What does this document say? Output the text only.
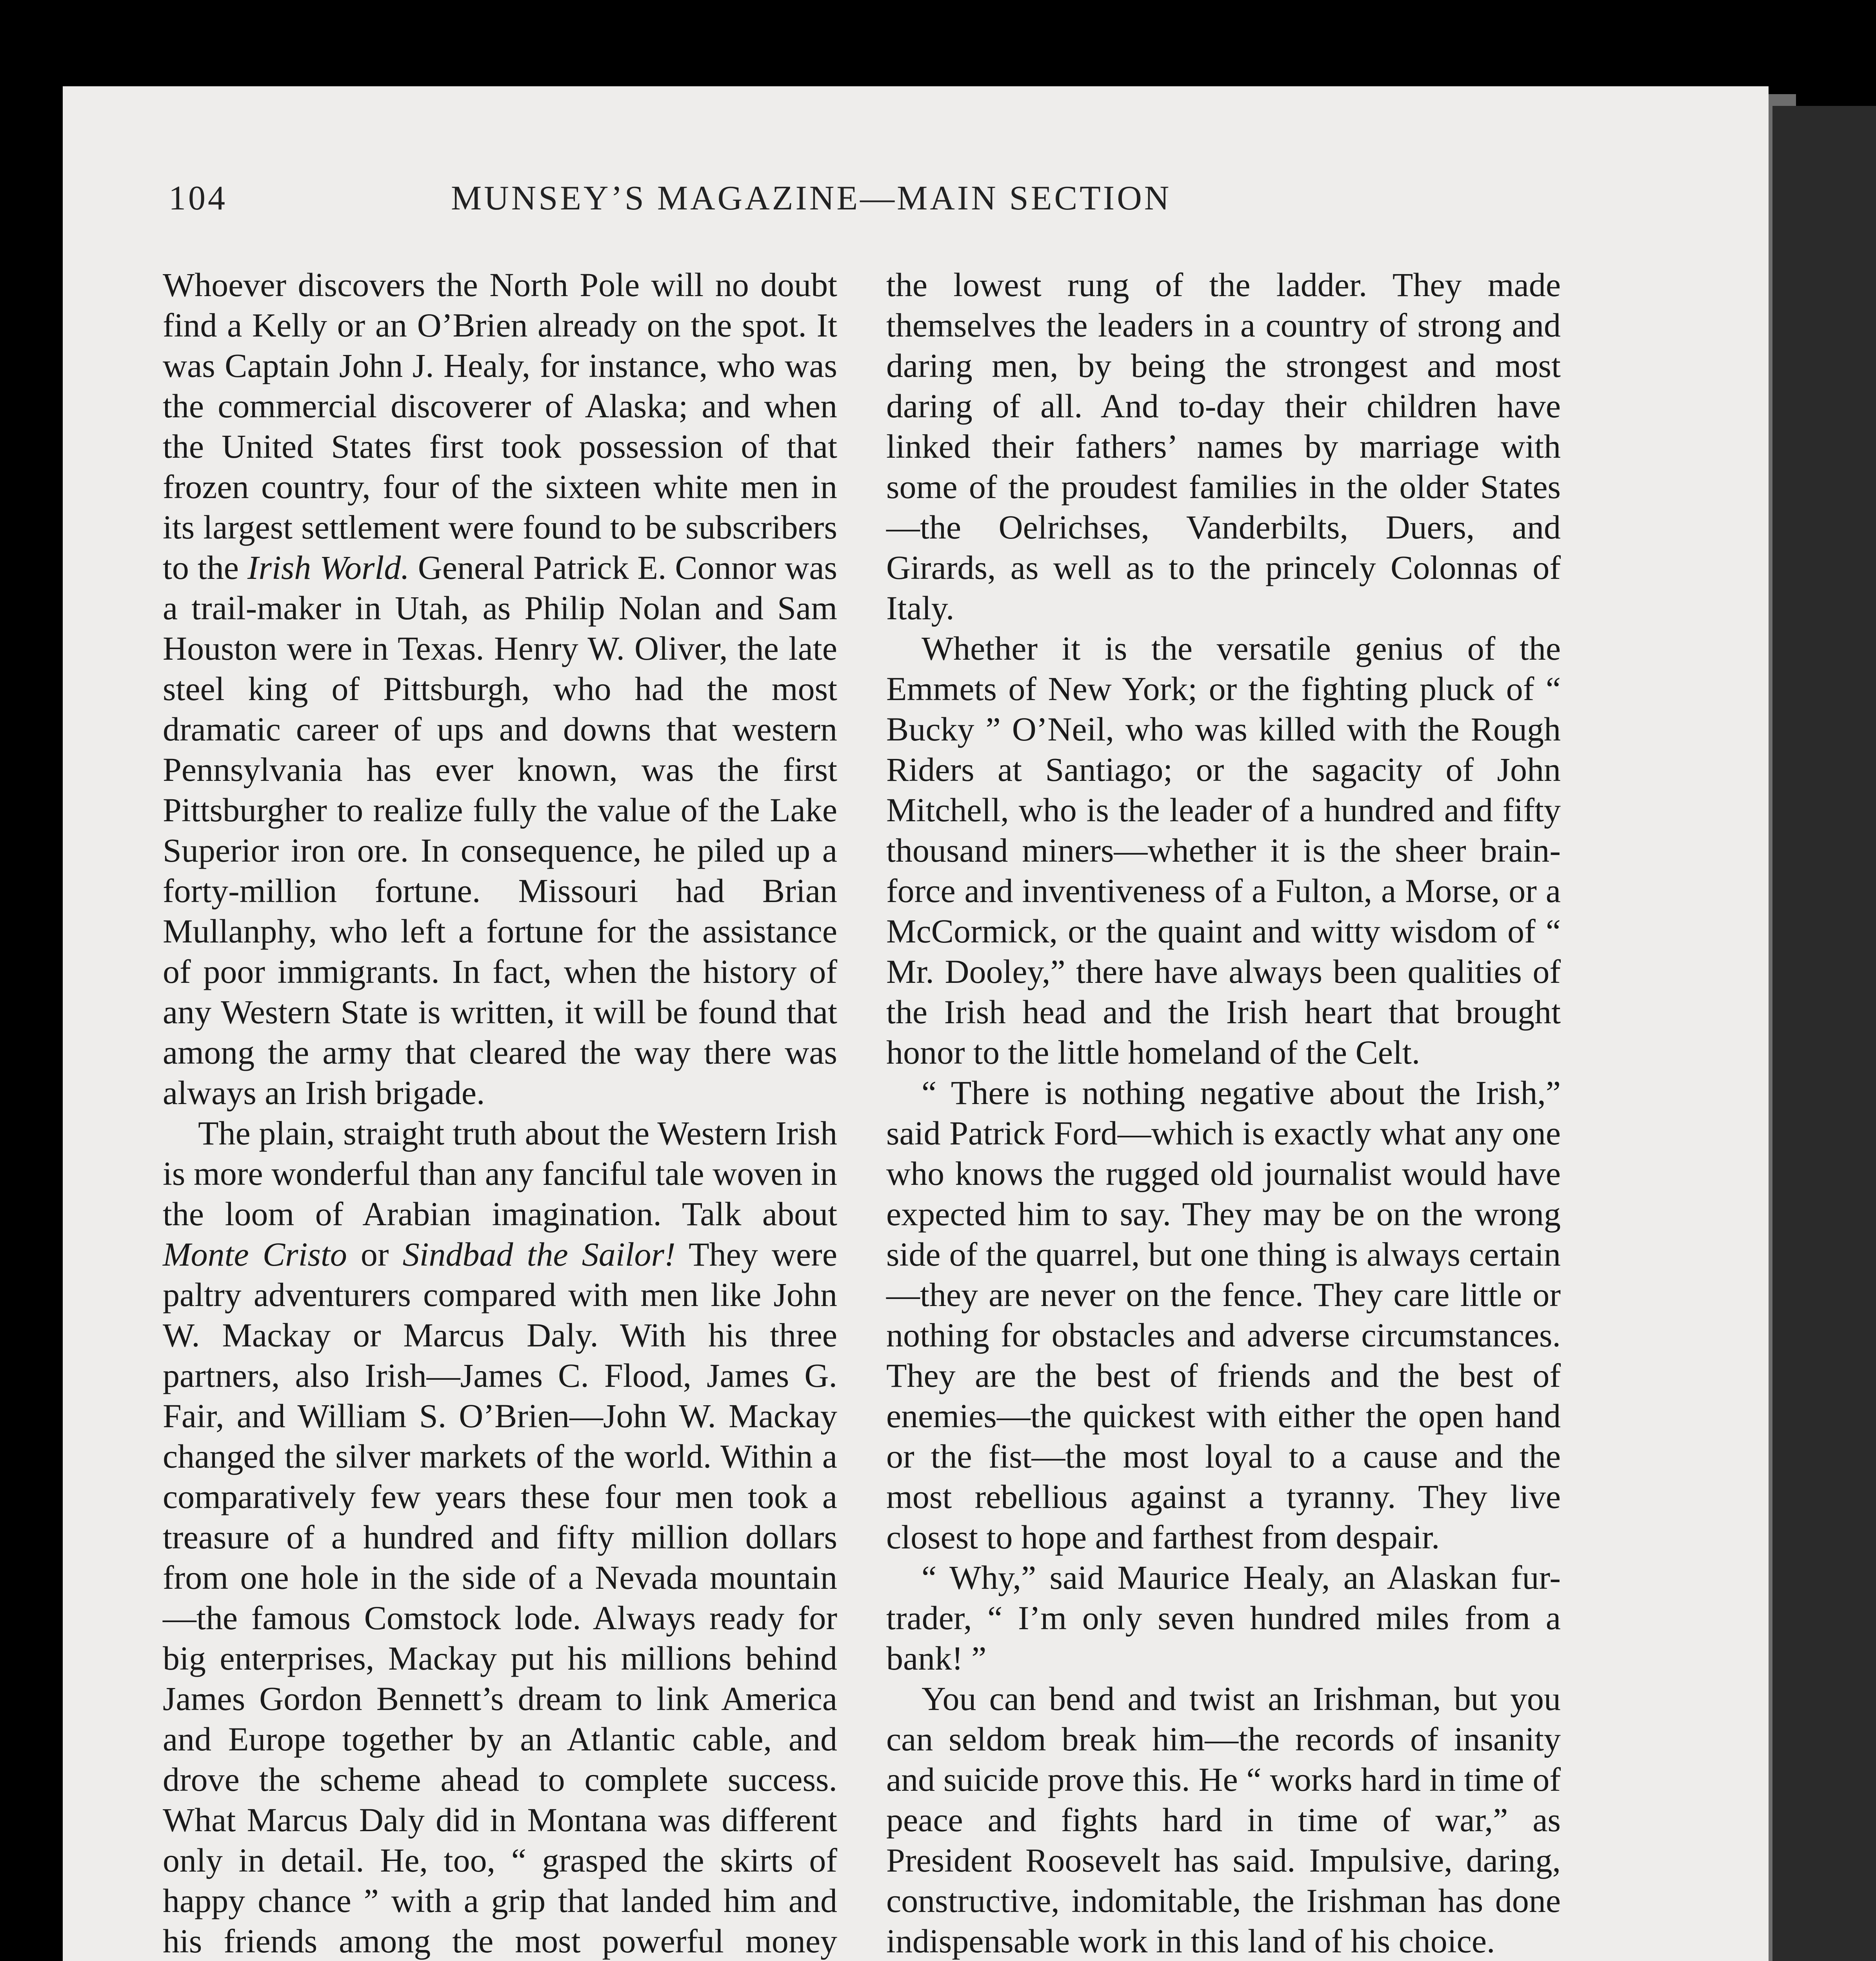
104	MUNSEY’S MAGAZINE—MAIN SECTION

Whoever discovers the North Pole will no doubt find a Kelly or an O’Brien already on the spot. It was Captain John J. Healy, for instance, who was the commercial discoverer of Alaska; and when the United States first took possession of that frozen country, four of the sixteen white men in its largest settlement were found to be subscribers to the Irish World. General Patrick E. Connor was a trail-maker in Utah, as Philip Nolan and Sam Houston were in Texas. Henry W. Oliver, the late steel king of Pittsburgh, who had the most dramatic career of ups and downs that western Pennsylvania has ever known, was the first Pittsburgher to realize fully the value of the Lake Superior iron ore. In consequence, he piled up a forty-million fortune. Missouri had Brian Mullanphy, who left a fortune for the assistance of poor immigrants. In fact, when the history of any Western State is written, it will be found that among the army that cleared the way there was always an Irish brigade.

The plain, straight truth about the Western Irish is more wonderful than any fanciful tale woven in the loom of Arabian imagination. Talk about Monte Cristo or Sindbad the Sailor! They were paltry adventurers compared with men like John W. Mackay or Marcus Daly. With his three partners, also Irish—James C. Flood, James G. Fair, and William S. O’Brien—John W. Mackay changed the silver markets of the world. Within a comparatively few years these four men took a treasure of a hundred and fifty million dollars from one hole in the side of a Nevada mountain—the famous Comstock lode. Always ready for big enterprises, Mackay put his millions behind James Gordon Bennett’s dream to link America and Europe together by an Atlantic cable, and drove the scheme ahead to complete success. What Marcus Daly did in Montana was different only in detail. He, too, “ grasped the skirts of happy chance ” with a grip that landed him and his friends among the most powerful money

the lowest rung of the ladder. They made themselves the leaders in a country of strong and daring men, by being the strongest and most daring of all. And to-day their children have linked their fathers’ names by marriage with some of the proudest families in the older States—the Oelrichses, Vanderbilts, Duers, and Girards, as well as to the princely Colonnas of Italy.

Whether it is the versatile genius of the Emmets of New York; or the fighting pluck of “ Bucky ” O’Neil, who was killed with the Rough Riders at Santiago; or the sagacity of John Mitchell, who is the leader of a hundred and fifty thousand miners—whether it is the sheer brain-force and inventiveness of a Fulton, a Morse, or a McCormick, or the quaint and witty wisdom of “ Mr. Dooley,” there have always been qualities of the Irish head and the Irish heart that brought honor to the little homeland of the Celt.

“ There is nothing negative about the Irish,” said Patrick Ford—which is exactly what any one who knows the rugged old journalist would have expected him to say. They may be on the wrong side of the quarrel, but one thing is always certain—they are never on the fence. They care little or nothing for obstacles and adverse circumstances. They are the best of friends and the best of enemies—the quickest with either the open hand or the fist—the most loyal to a cause and the most rebellious against a tyranny. They live closest to hope and farthest from despair.

“ Why,” said Maurice Healy, an Alaskan fur-trader, “ I’m only seven hundred miles from a bank! ”

You can bend and twist an Irishman, but you can seldom break him—the records of insanity and suicide prove this. He “ works hard in time of peace and fights hard in time of war,” as President Roosevelt has said. Impulsive, daring, constructive, indomitable, the Irishman has done indispensable work in this land of his choice.
